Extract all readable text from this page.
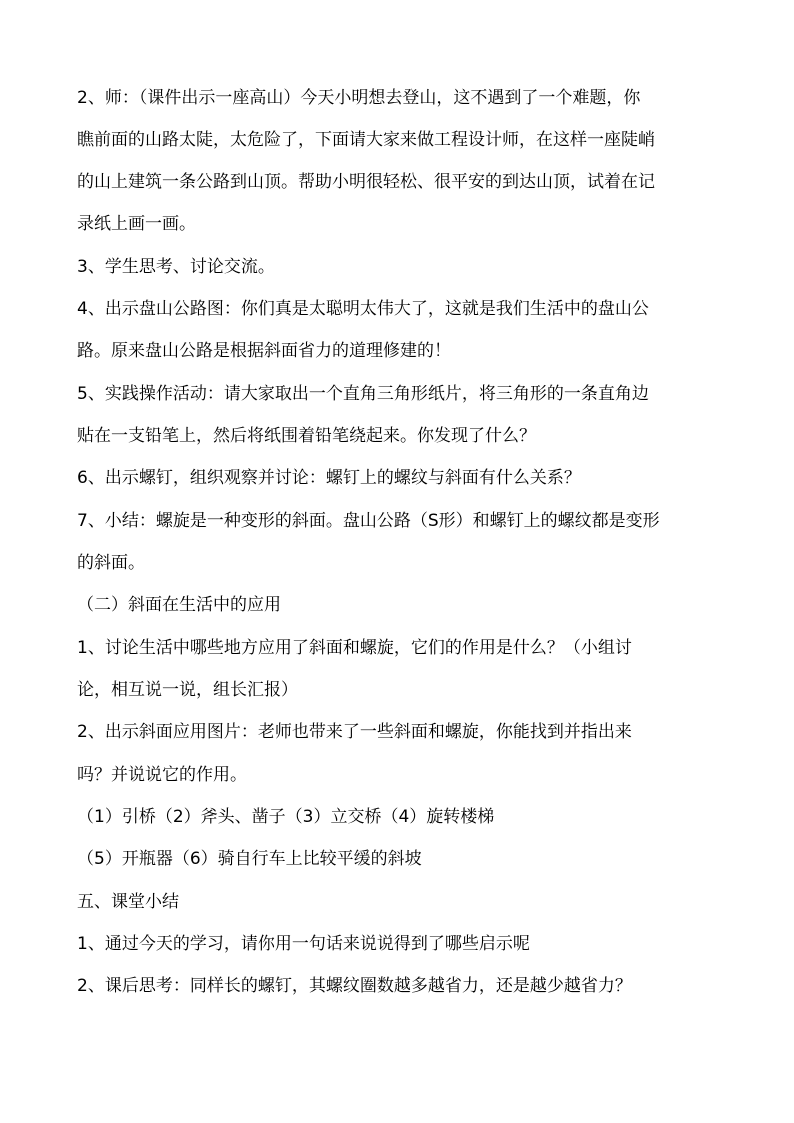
2、师：（课件出示一座高山）今天小明想去登山，这不遇到了一个难题，你

瞧前面的山路太陡，太危险了，下面请大家来做工程设计师，在这样一座陡峭

的山上建筑一条公路到山顶。帮助小明很轻松、很平安的到达山顶，试着在记

录纸上画一画。

3、学生思考、讨论交流。

4、出示盘山公路图：你们真是太聪明太伟大了，这就是我们生活中的盘山公

路。原来盘山公路是根据斜面省力的道理修建的！

5、实践操作活动：请大家取出一个直角三角形纸片，将三角形的一条直角边

贴在一支铅笔上，然后将纸围着铅笔绕起来。你发现了什么？

6、出示螺钉，组织观察并讨论：螺钉上的螺纹与斜面有什么关系？

7、小结：螺旋是一种变形的斜面。盘山公路（S形）和螺钉上的螺纹都是变形

的斜面。

（二）斜面在生活中的应用

1、讨论生活中哪些地方应用了斜面和螺旋，它们的作用是什么？（小组讨

论，相互说一说，组长汇报）

2、出示斜面应用图片：老师也带来了一些斜面和螺旋，你能找到并指出来

吗？并说说它的作用。

（1）引桥（2）斧头、凿子（3）立交桥（4）旋转楼梯

（5）开瓶器（6）骑自行车上比较平缓的斜坡

五、课堂小结

1、通过今天的学习，请你用一句话来说说得到了哪些启示呢

2、课后思考：同样长的螺钉，其螺纹圈数越多越省力，还是越少越省力？
